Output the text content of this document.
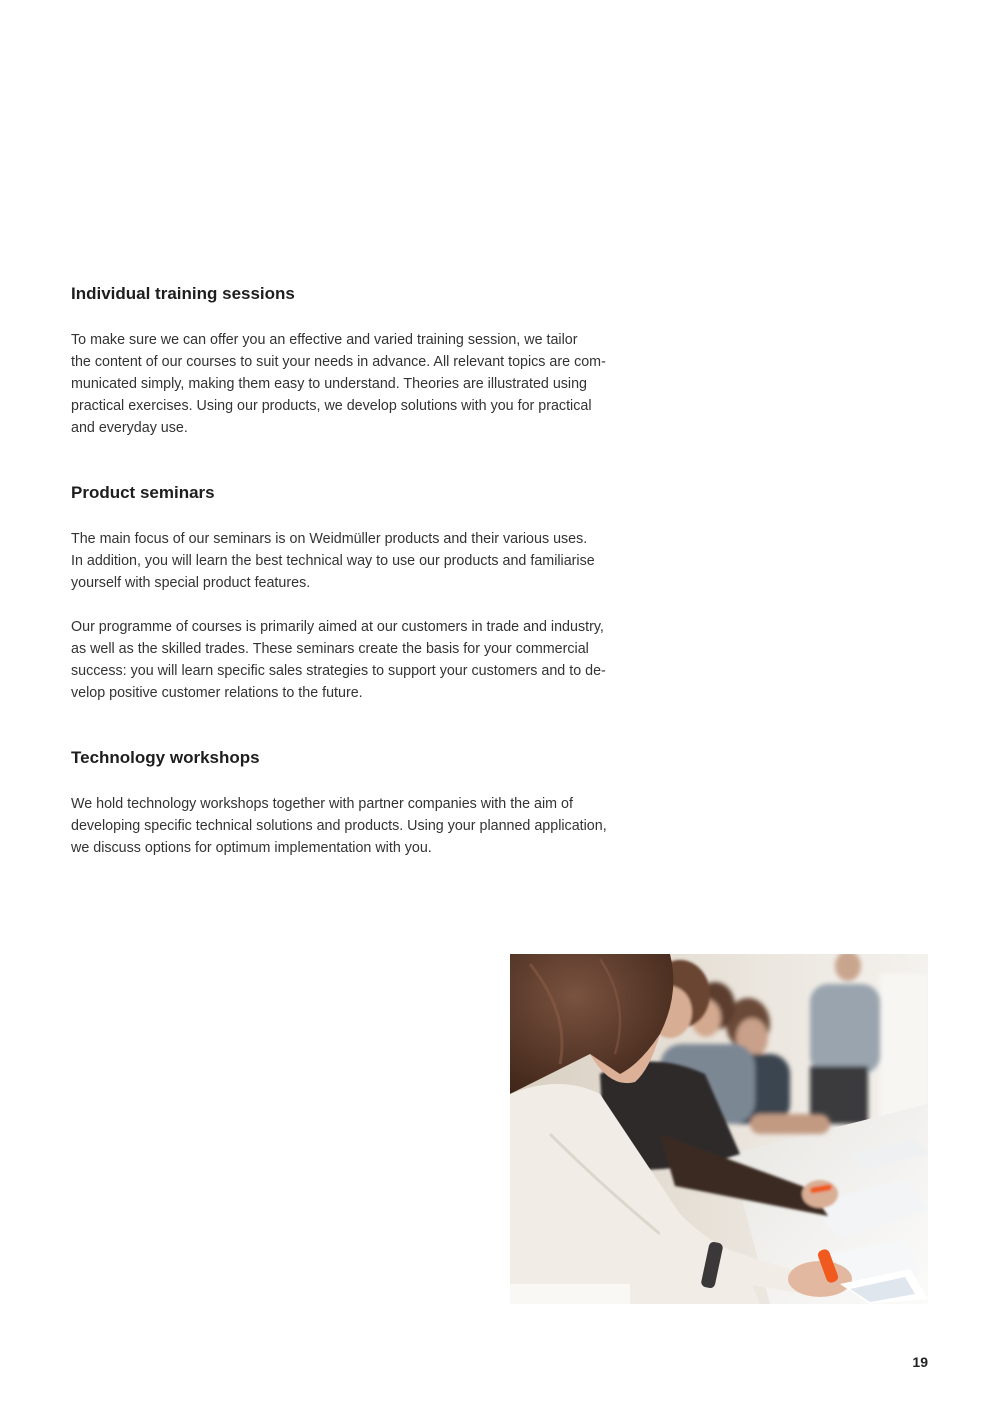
Individual training sessions
To make sure we can offer you an effective and varied training session, we tailor
the content of our courses to suit your needs in advance. All relevant topics are com-
municated simply, making them easy to understand. Theories are illustrated using
practical exercises. Using our products, we develop solutions with you for practical
and everyday use.
Product seminars
The main focus of our seminars is on Weidmüller products and their various uses.
In addition, you will learn the best technical way to use our products and familiarise
yourself with special product features.
Our programme of courses is primarily aimed at our customers in trade and industry,
as well as the skilled trades. These seminars create the basis for your commercial
success: you will learn specific sales strategies to support your customers and to de-
velop positive customer relations to the future.
Technology workshops
We hold technology workshops together with partner companies with the aim of
developing specific technical solutions and products. Using your planned application,
we discuss options for optimum implementation with you.
19
